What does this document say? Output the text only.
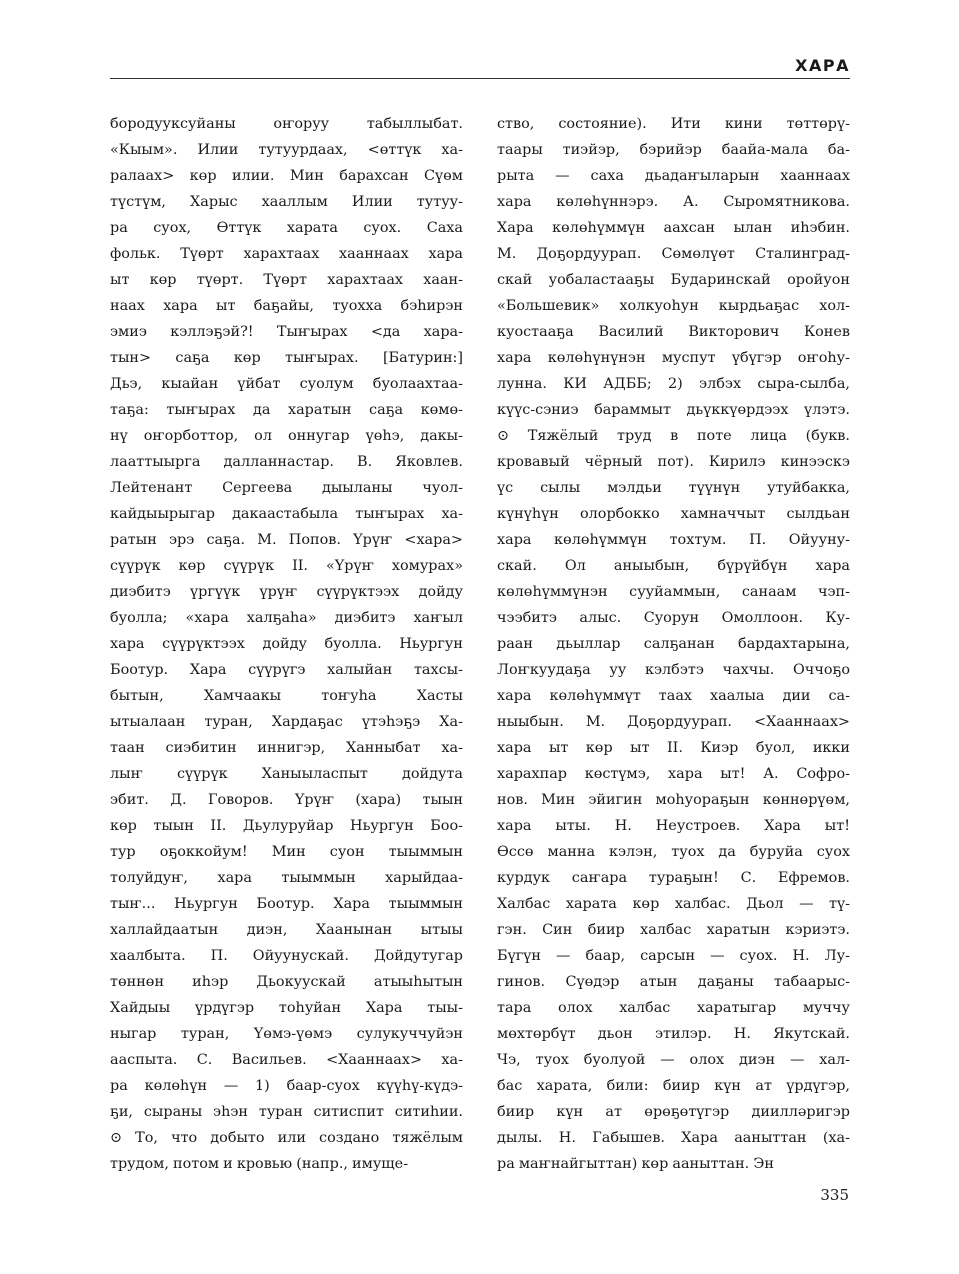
ХАРА
бородууксуйаны оҥоруу табыллыбат.
«Кыым». Илии тутуурдаах, <өттүк ха-
ралаах> көр илии. Мин барахсан Сүөм
түстүм, Харыс хааллым Илии тутуу-
ра суох, Өттүк харата суох. Саха
фольк. Түөрт харахтаах хааннаах хара
ыт көр түөрт. Түөрт харахтаах хаан-
наах хара ыт баҕайы, туохха бэһирэн
эмиэ кэллэҕэй?! Тыҥырах <да хара-
тын> саҕа көр тыҥырах. [Батурин:]
Дьэ, кыайан үйбат суолум буолаахтаа-
таҕа: тыҥырах да харатын саҕа көмө-
нү оҥорботтор, ол оннугар үөhэ, дакы-
лааттыырга далланнастар. В. Яковлев.
Лейтенант Сергеева дыыланы чуол-
кайдыырыгар дакаастабыла тыҥырах ха-
ратын эрэ саҕа. М. Попов. Үрүҥ <хара>
сүүрүк көр сүүрүк II. «Үрүҥ хомурах»
диэбитэ үргүүк үрүҥ сүүрүктээх дойду
буолла; «хара халҕаһа» диэбитэ хаҥыл
хара сүүрүктээх дойду буолла. Ньургун
Боотур. Хара сүүрүгэ халыйан тахсы-
бытын, Хамчаакы тоҥуһа Хасты
ытыалаан туран, Хардаҕас үтэһэҕэ Ха-
таан сиэбитин иннигэр, Ханныбат ха-
лыҥ сүүрүк Ханыыласпыт дойдута
эбит. Д. Говоров. Үрүҥ (хара) тыын
көр тыын II. Дьулуруйар Ньургун Боо-
тур оҕоккойум! Мин суон тыыммын
толуйдуҥ, хара тыыммын харыйдаа-
тыҥ... Ньургун Боотур. Хара тыыммын
халлайдаатын диэн, Хаанынан ытыы
хаалбыта. П. Ойуунускай. Дойдутугар
төннөн иһэр Дьокуускай атыыһытын
Хайдыы үрдүгэр тоһуйан Хара тыы-
ныгар туран, Үөмэ-үөмэ сулукуччуйэн
ааспыта. С. Васильев. <Хааннаах> ха-
ра көлөһүн — 1) баар-суох күүһү-күдэ-
ҕи, сыраны эһэн туран ситиспит ситиһии.
⊙ То, что добыто или создано тяжёлым
трудом, потом и кровью (напр., имуще-
ство, состояние). Ити кини төттөрү-
таары тиэйэр, бэрийэр баайа-мала ба-
рыта — саха дьадаҥыларын хааннаах
хара көлөһүннэрэ. А. Сыромятникова.
Хара көлөһүммүн аахсан ылан иhэбин.
М. Доҕордуурап. Сөмөлүөт Сталинград-
скай уобаластааҕы Бударинскай оройуон
«Большевик» холкуоһун кырдьаҕас хол-
куостааҕа Василий Викторович Конев
хара көлөһүнүнэн муспут үбүгэр оҥоһу-
лунна. КИ АДББ; 2) элбэх сыра-сылба,
күүс-сэниэ бараммыт дьүккүөрдээх үлэтэ.
⊙ Тяжёлый труд в поте лица (букв.
кровавый чёрный пот). Кирилэ кинээскэ
үс сылы мэлдьи түүнүн утуйбакка,
күнүһүн олорбокко хамначчыт сылдьан
хара көлөһүммүн тохтум. П. Ойууну-
скай. Ол аныыбын, бүрүйбүн хара
көлөһүммүнэн сууйаммын, санаам чэп-
чээбитэ алыс. Суорун Омоллоон. Ку-
раан дьыллар салҕанан бардахтарына,
Лоҥкуудаҕа уу кэлбэтэ чахчы. Оччоҕо
хара көлөһүммүт таах хаалыа дии са-
ныыбын. М. Доҕордуурап. <Хааннаах>
хара ыт көр ыт II. Киэр буол, икки
харахпар көстүмэ, хара ыт! А. Софро-
нов. Мин эйигин моһуораҕын көннөрүөм,
хара ыты. Н. Неустроев. Хара ыт!
Өссө манна кэлэн, туох да буруйа суох
курдук саҥара тураҕын! С. Ефремов.
Халбас харата көр халбас. Дьол — тү-
гэн. Син биир халбас харатын кэриэтэ.
Бүгүн — баар, сарсын — суох. Н. Лу-
гинов. Сүөдэр атын даҕаны табаарыс-
тара олох халбас харатыгар муччу
мөхтөрбүт дьон этилэр. Н. Якутскай.
Чэ, туох буолуой — олох диэн — хал-
бас харата, били: биир күн ат үрдүгэр,
биир күн ат өрөҕөтүгэр диилләригэр
дылы. Н. Габышев. Хара ааныттан (ха-
ра маҥнайгыттан) көр ааныттан. Эн
335
